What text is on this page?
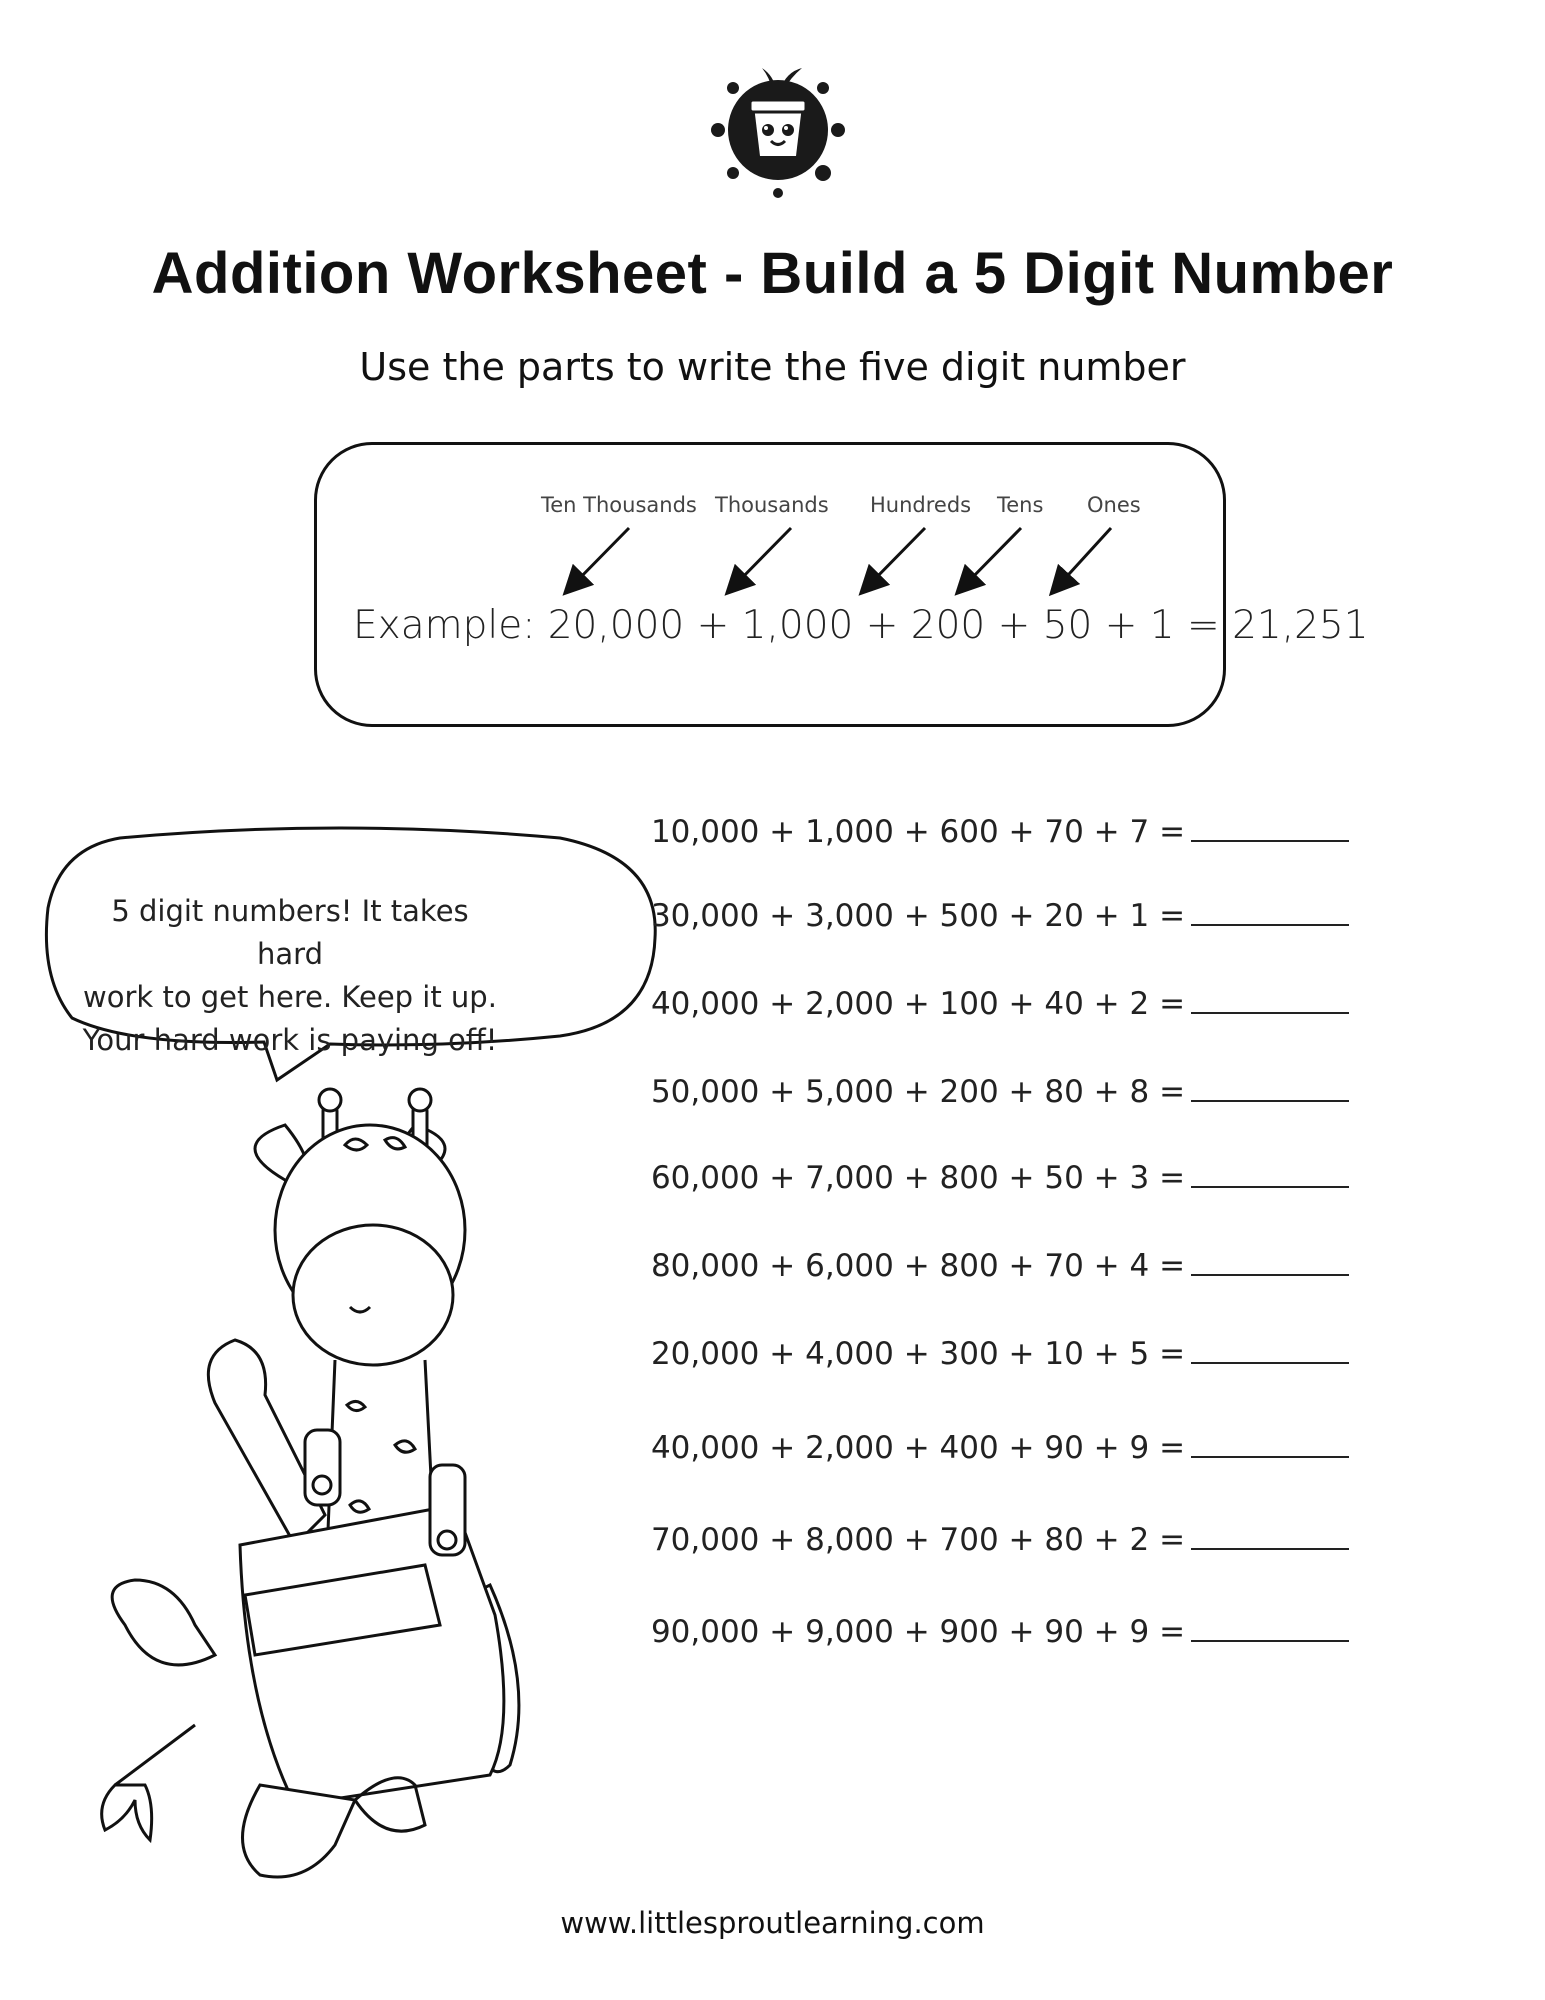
Addition Worksheet - Build a 5 Digit Number
Use the parts to write the five digit number
Ten Thousands Thousands Hundreds Tens Ones
Example: 20,000 + 1,000 + 200 + 50 + 1 = 21,251
5 digit numbers! It takes hard
work to get here. Keep it up.
Your hard work is paying off!
10,000 + 1,000 + 600 + 70 + 7 =
30,000 + 3,000 + 500 + 20 + 1 =
40,000 + 2,000 + 100 + 40 + 2 =
50,000 + 5,000 + 200 + 80 + 8 =
60,000 + 7,000 + 800 + 50 + 3 =
80,000 + 6,000 + 800 + 70 + 4 =
20,000 + 4,000 + 300 + 10 + 5 =
40,000 + 2,000 + 400 + 90 + 9 =
70,000 + 8,000 + 700 + 80 + 2 =
90,000 + 9,000 + 900 + 90 + 9 =
www.littlesproutlearning.com
